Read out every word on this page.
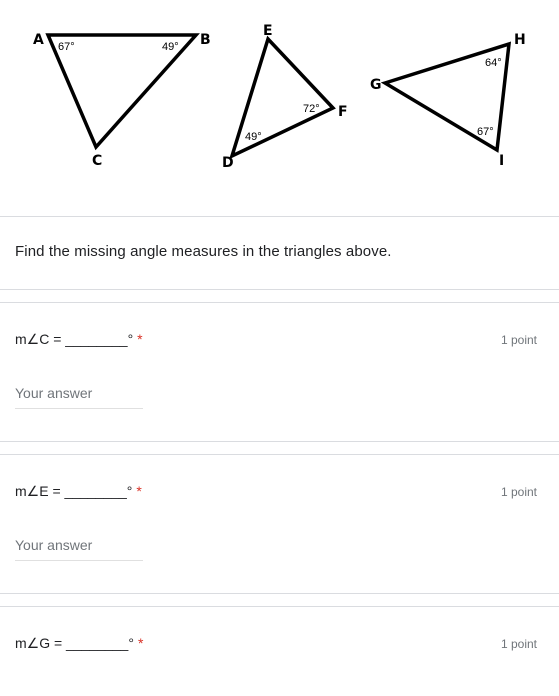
A	B
C
67°	49°
E
F
D
72°
49°
G
H
I
64°
67°
Find the missing angle measures in the triangles above.
m∠C = ________° *	1 point
Your answer
m∠E = ________° *	1 point
Your answer
m∠G = ________° *	1 point
